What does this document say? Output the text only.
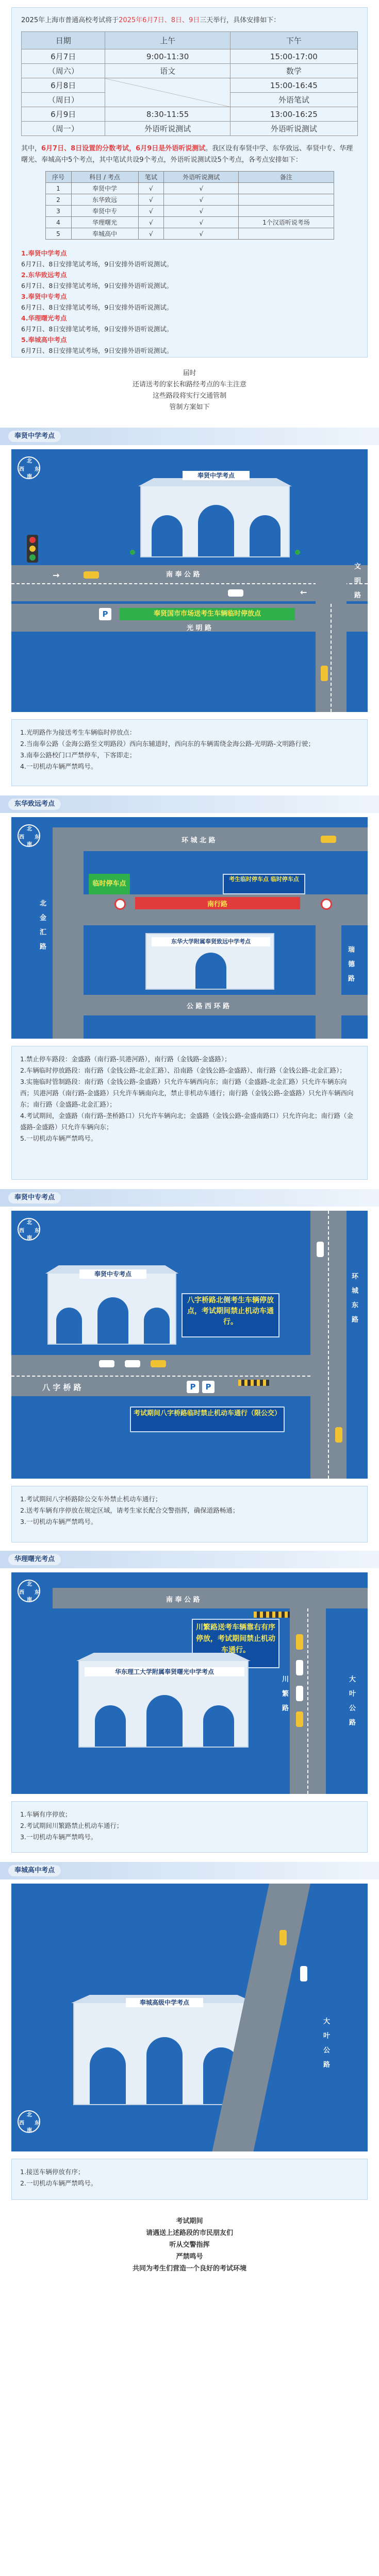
2025年上海市普通高校考试将于2025年6月7日、8日、9日三天举行，具体安排如下：

日期	上午	下午
6月7日	9:00-11:30	15:00-17:00
（周六）	语文	数学
6月8日		15:00-16:45
（周日）		外语笔试
6月9日	8:30-11:55	13:00-16:25
（周一）	外语听说测试	外语听说测试

其中，6月7日、8日设置的分数考试，6月9日是外语听说测试。我区设有奉贤中学、东华致远、奉贤中专、华理曙光、奉城高中5个考点，其中笔试共设9个考点，外语听说测试设5个考点，各考点安排如下：

序号	科目 / 考点	笔试	外语听说测试	备注
1	奉贤中学	√	√	
2	东华致远	√	√	
3	奉贤中专	√	√	
4	华理曙光	√	√	1个汉语听说考场
5	奉城高中	√	√	
1.奉贤中学考点
6月7日、8日安排笔试考场，9日安排外语听说测试。
2.东华致远考点
6月7日、8日安排笔试考场，9日安排外语听说测试。
3.奉贤中专考点
6月7日、8日安排笔试考场，9日安排外语听说测试。
4.华理曙光考点
6月7日、8日安排笔试考场，9日安排外语听说测试。
5.奉城高中考点
6月7日、8日安排笔试考场，9日安排外语听说测试。
届时
还请送考的家长和路经考点的车主注意
这些路段将实行交通管制
管制方案如下
奉贤中学考点
北
南
西 东
奉贤中学考点
南 奉 公 路
→
←
奉贤国市市场送考生车辆临时停放点
光 明 路
P
文 明 路
1.光明路作为接送考生车辆临时停放点：
2.当南奉公路（金海公路至文明路段）西向东辅道时，西向东的车辆需绕金海公路-光明路-文明路行驶；
3.南奉公路校门口严禁停车，下客即走；
4.一切机动车辆严禁鸣号。
东华致远考点
北
南
西 东	环 城 北 路
北 金 汇 路
临时停车点
南行路
考生临时停车点 临时停车点
东华大学附属奉贤致远中学考点
公 路 西 环 路
瑞 德 路
1.禁止停车路段：金盛路（南行路-贝港河路），南行路（金钱路-金盛路）；
2.车辆临时停放路段：南行路（金钱公路-北金汇路）、沿南路（金钱公路-金盛路）、南行路（金钱公路-北金汇路）；
3.实施临时管制路段：南行路（金钱公路-金盛路）只允许车辆西向东；南行路（金盛路-北金汇路）只允许车辆东向西；贝港河路（南行路-金盛路）只允许车辆南向北，禁止非机动车通行；南行路（金钱公路-金盛路）只允许车辆西向东；南行路（金盛路-北金汇路）；
4.考试期间，金盛路（南行路-垄桥路口）只允许车辆向北；金盛路（金钱公路-金盛南路口）只允许向北；南行路（金盛路-金盛路）只允许车辆向东；
5.一切机动车辆严禁鸣号。
奉贤中专考点
北
南
西 东
奉贤中专考点
八字桥路北侧考生车辆停放点，考试期间禁止机动车通行。
八 字 桥 路	P	P
考试期间八字桥路临时禁止机动车通行（限公交）
环 城 东 路
1.考试期间八字桥路除公交车外禁止机动车通行；
2.送考车辆有序停放在规定区域，请考生家长配合交警指挥，确保道路畅通；
3.一切机动车辆严禁鸣号。
华理曙光考点
北
南
西 东
南 奉 公 路
川繁路送考车辆靠右有序停放，考试期间禁止机动车通行。
华东理工大学附属奉贤曙光中学考点
川 繁 路	大 叶 公 路
1.车辆有序停放；
2.考试期间川繁路禁止机动车通行；
3.一切机动车辆严禁鸣号。
奉城高中考点
北
南
西 东
奉城高级中学考点
大 叶 公 路
1.接送车辆停放有序；
2.一切机动车辆严禁鸣号。
考试期间
请遇送上述路段的市民朋友们
听从交警指挥
严禁鸣号
共同为考生们营造一个良好的考试环境
